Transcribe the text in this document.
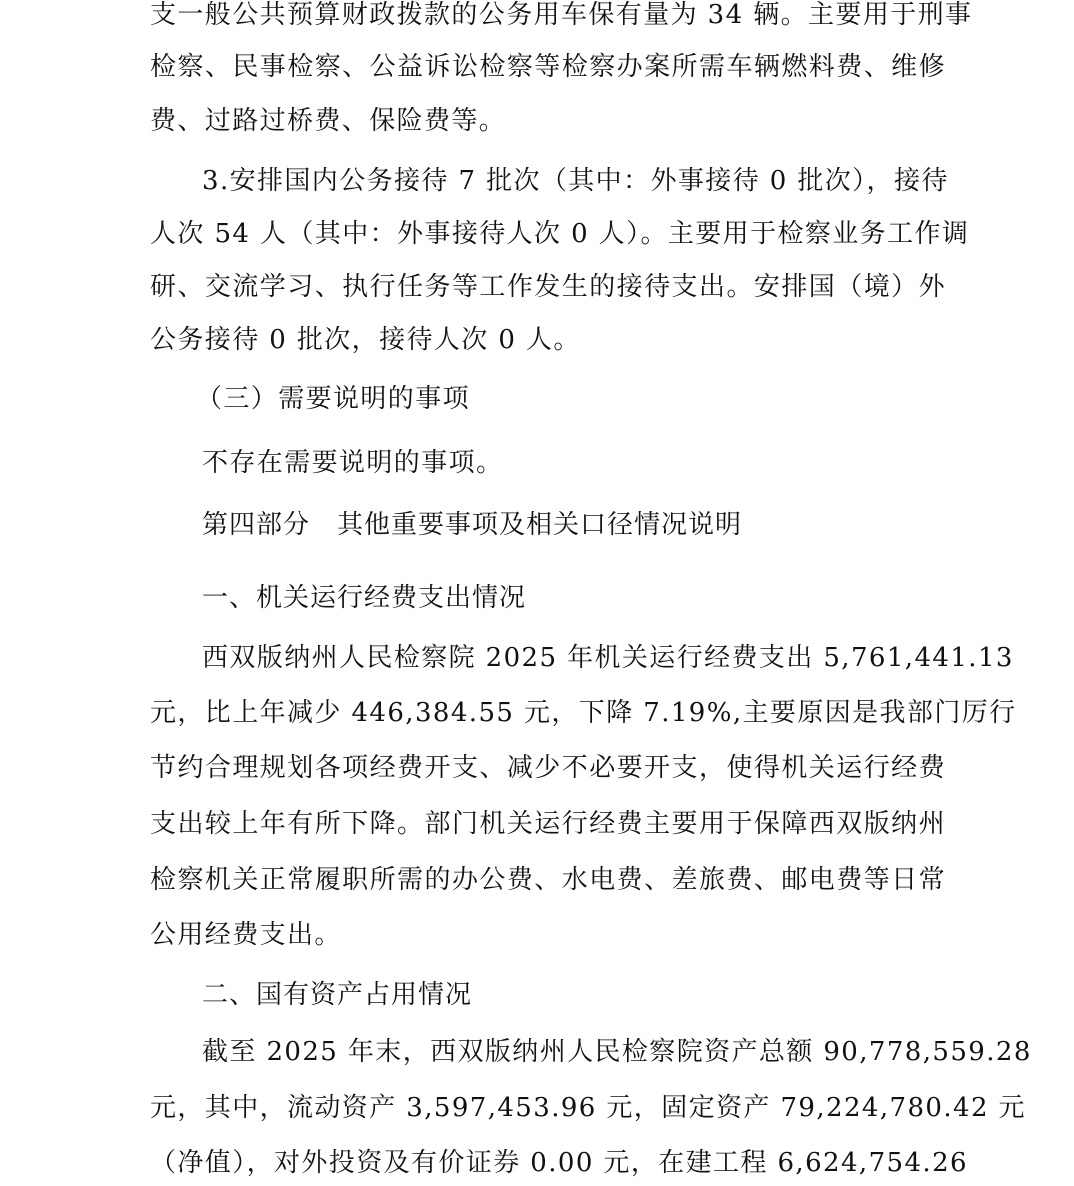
支一般公共预算财政拨款的公务用车保有量为 34 辆。主要用于刑事
检察、民事检察、公益诉讼检察等检察办案所需车辆燃料费、维修
费、过路过桥费、保险费等。
3.安排国内公务接待 7 批次（其中：外事接待 0 批次），接待
人次 54 人（其中：外事接待人次 0 人）。主要用于检察业务工作调
研、交流学习、执行任务等工作发生的接待支出。安排国（境）外
公务接待 0 批次，接待人次 0 人。
（三）需要说明的事项
不存在需要说明的事项。
第四部分　其他重要事项及相关口径情况说明
一、机关运行经费支出情况
西双版纳州人民检察院 2025 年机关运行经费支出 5,761,441.13
元，比上年减少 446,384.55 元，下降 7.19%,主要原因是我部门厉行
节约合理规划各项经费开支、减少不必要开支，使得机关运行经费
支出较上年有所下降。部门机关运行经费主要用于保障西双版纳州
检察机关正常履职所需的办公费、水电费、差旅费、邮电费等日常
公用经费支出。
二、国有资产占用情况
截至 2025 年末，西双版纳州人民检察院资产总额 90,778,559.28
元，其中，流动资产 3,597,453.96 元，固定资产 79,224,780.42 元
（净值），对外投资及有价证券 0.00 元，在建工程 6,624,754.26
